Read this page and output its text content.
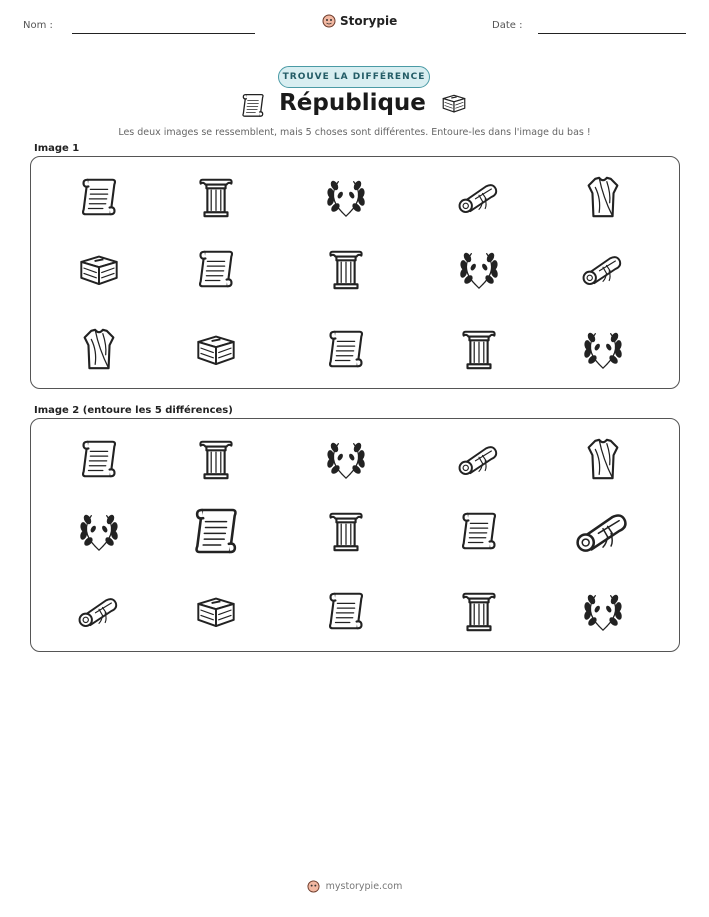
Nom :	Storypie	Date :
TROUVE LA DIFFÉRENCE
République
Les deux images se ressemblent, mais 5 choses sont différentes. Entoure-les dans l'image du bas !
Image 1
Image 2 (entoure les 5 différences)
mystorypie.com
